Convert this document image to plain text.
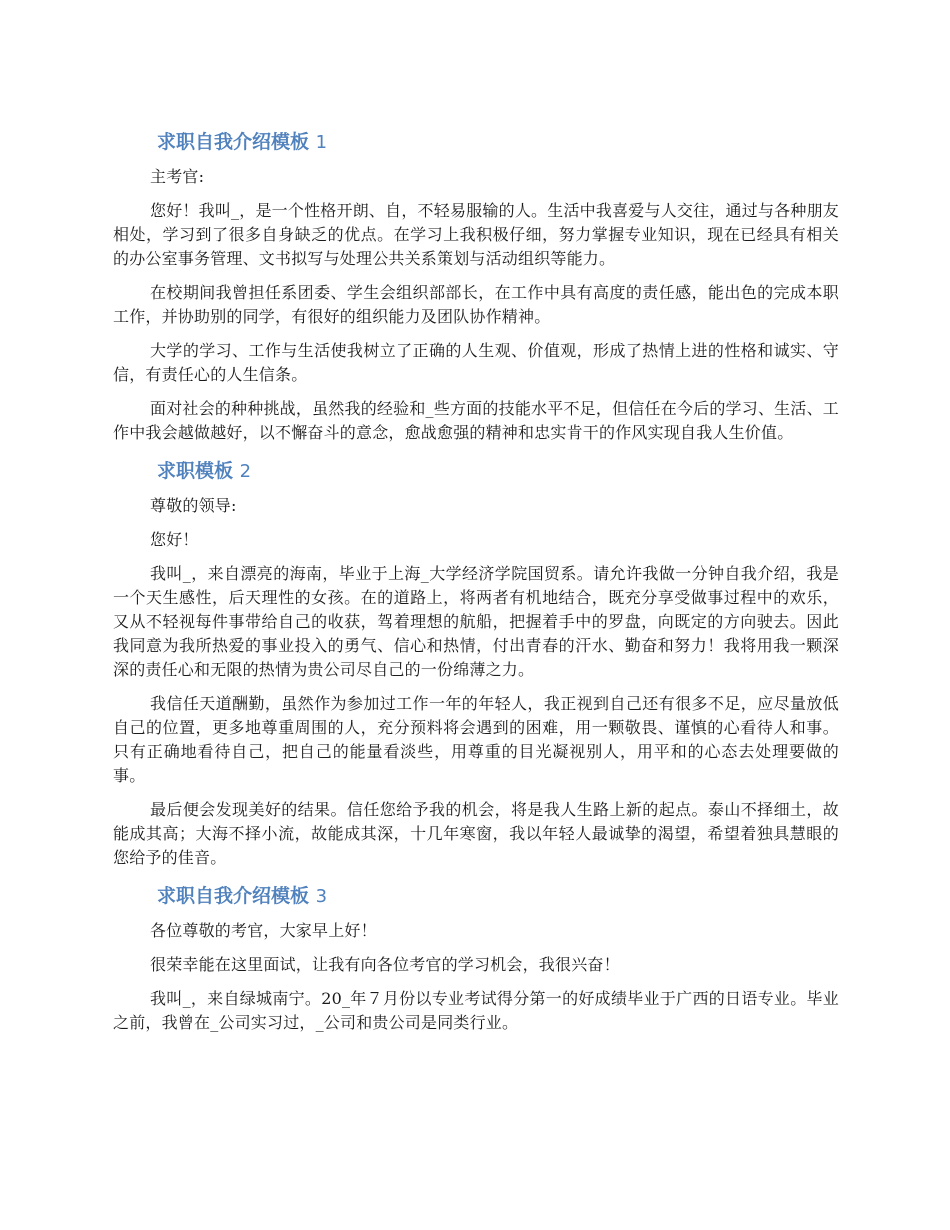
求职自我介绍模板 1

主考官:

您好！我叫_，是一个性格开朗、自，不轻易服输的人。生活中我喜爱与人交往，通过与各种朋友相处，学习到了很多自身缺乏的优点。在学习上我积极仔细，努力掌握专业知识，现在已经具有相关的办公室事务管理、文书拟写与处理公共关系策划与活动组织等能力。

在校期间我曾担任系团委、学生会组织部部长，在工作中具有高度的责任感，能出色的完成本职工作，并协助别的同学，有很好的组织能力及团队协作精神。

大学的学习、工作与生活使我树立了正确的人生观、价值观，形成了热情上进的性格和诚实、守信，有责任心的人生信条。

面对社会的种种挑战，虽然我的经验和_些方面的技能水平不足，但信任在今后的学习、生活、工作中我会越做越好，以不懈奋斗的意念，愈战愈强的精神和忠实肯干的作风实现自我人生价值。

求职模板 2

尊敬的领导:

您好！

我叫_，来自漂亮的海南，毕业于上海_大学经济学院国贸系。请允许我做一分钟自我介绍，我是一个天生感性，后天理性的女孩。在的道路上，将两者有机地结合，既充分享受做事过程中的欢乐，又从不轻视每件事带给自己的收获，驾着理想的航船，把握着手中的罗盘，向既定的方向驶去。因此我同意为我所热爱的事业投入的勇气、信心和热情，付出青春的汗水、勤奋和努力！我将用我一颗深深的责任心和无限的热情为贵公司尽自己的一份绵薄之力。

我信任天道酬勤，虽然作为参加过工作一年的年轻人，我正视到自己还有很多不足，应尽量放低自己的位置，更多地尊重周围的人，充分预料将会遇到的困难，用一颗敬畏、谨慎的心看待人和事。只有正确地看待自己，把自己的能量看淡些，用尊重的目光凝视别人，用平和的心态去处理要做的事。

最后便会发现美好的结果。信任您给予我的机会，将是我人生路上新的起点。泰山不择细土，故能成其高；大海不择小流，故能成其深，十几年寒窗，我以年轻人最诚挚的渴望，希望着独具慧眼的您给予的佳音。

求职自我介绍模板 3

各位尊敬的考官，大家早上好！

很荣幸能在这里面试，让我有向各位考官的学习机会，我很兴奋！

我叫_，来自绿城南宁。20_年７月份以专业考试得分第一的好成绩毕业于广西的日语专业。毕业之前，我曾在_公司实习过，_公司和贵公司是同类行业。
